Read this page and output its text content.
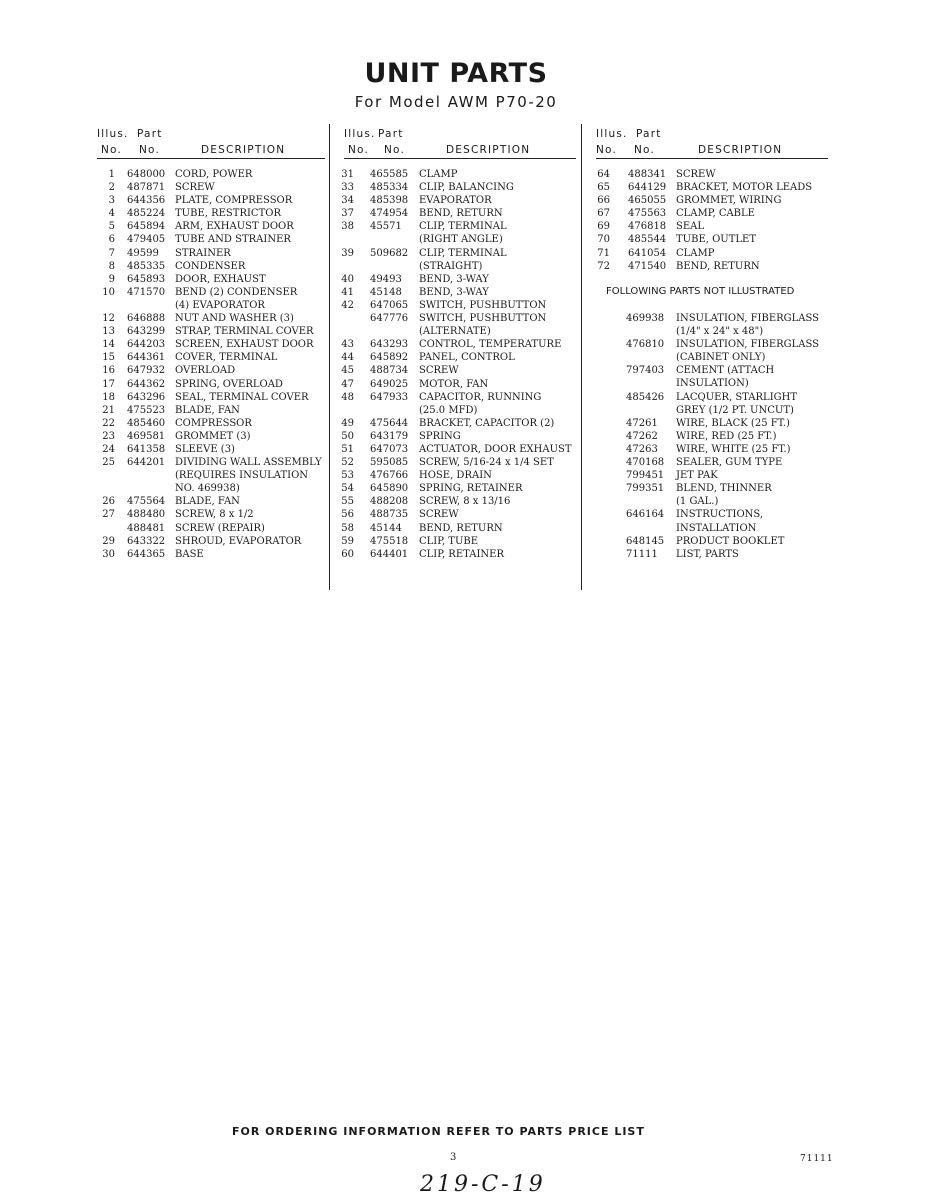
UNIT PARTS
For Model AWM P70-20
Illus. Part
No. No.	DESCRIPTION
1 648000 CORD, POWER
2 487871 SCREW
3 644356 PLATE, COMPRESSOR
4 485224 TUBE, RESTRICTOR
5 645894 ARM, EXHAUST DOOR
6 479405 TUBE AND STRAINER
7 49599 STRAINER
8 485335 CONDENSER
9 645893 DOOR, EXHAUST
10 471570 BEND (2) CONDENSER
(4) EVAPORATOR
12 646888 NUT AND WASHER (3)
13 643299 STRAP, TERMINAL COVER
14 644203 SCREEN, EXHAUST DOOR
15 644361 COVER, TERMINAL
16 647932 OVERLOAD
17 644362 SPRING, OVERLOAD
18 643296 SEAL, TERMINAL COVER
21 475523 BLADE, FAN
22 485460 COMPRESSOR
23 469581 GROMMET (3)
24 641358 SLEEVE (3)
25 644201 DIVIDING WALL ASSEMBLY
(REQUIRES INSULATION
NO. 469938)
26 475564 BLADE, FAN
27 488480 SCREW, 8 x 1/2
488481 SCREW (REPAIR)
29 643322 SHROUD, EVAPORATOR
30 644365 BASE
Illus. Part
No. No.	DESCRIPTION
31 465585 CLAMP
33 485334 CLIP, BALANCING
34 485398 EVAPORATOR
37 474954 BEND, RETURN
38 45571 CLIP, TERMINAL
(RIGHT ANGLE)
39 509682 CLIP, TERMINAL
(STRAIGHT)
40 49493 BEND, 3-WAY
41 45148 BEND, 3-WAY
42 647065 SWITCH, PUSHBUTTON
647776 SWITCH, PUSHBUTTON
(ALTERNATE)
43 643293 CONTROL, TEMPERATURE
44 645892 PANEL, CONTROL
45 488734 SCREW
47 649025 MOTOR, FAN
48 647933 CAPACITOR, RUNNING
(25.0 MFD)
49 475644 BRACKET, CAPACITOR (2)
50 643179 SPRING
51 647073 ACTUATOR, DOOR EXHAUST
52 595085 SCREW, 5/16-24 x 1/4 SET
53 476766 HOSE, DRAIN
54 645890 SPRING, RETAINER
55 488208 SCREW, 8 x 13/16
56 488735 SCREW
58 45144 BEND, RETURN
59 475518 CLIP, TUBE
60 644401 CLIP, RETAINER
Illus. Part
No. No.	DESCRIPTION
64 488341 SCREW
65 644129 BRACKET, MOTOR LEADS
66 465055 GROMMET, WIRING
67 475563 CLAMP, CABLE
69 476818 SEAL
70 485544 TUBE, OUTLET
71 641054 CLAMP
72 471540 BEND, RETURN
FOLLOWING PARTS NOT ILLUSTRATED
469938 INSULATION, FIBERGLASS
(1/4" x 24" x 48")
476810 INSULATION, FIBERGLASS
(CABINET ONLY)
797403 CEMENT (ATTACH
INSULATION)
485426 LACQUER, STARLIGHT
GREY (1/2 PT. UNCUT)
47261 WIRE, BLACK (25 FT.)
47262 WIRE, RED (25 FT.)
47263 WIRE, WHITE (25 FT.)
470168 SEALER, GUM TYPE
799451 JET PAK
799351 BLEND, THINNER
(1 GAL.)
646164 INSTRUCTIONS,
INSTALLATION
648145 PRODUCT BOOKLET
71111 LIST, PARTS
FOR ORDERING INFORMATION REFER TO PARTS PRICE LIST
3	71111
219-C-19
